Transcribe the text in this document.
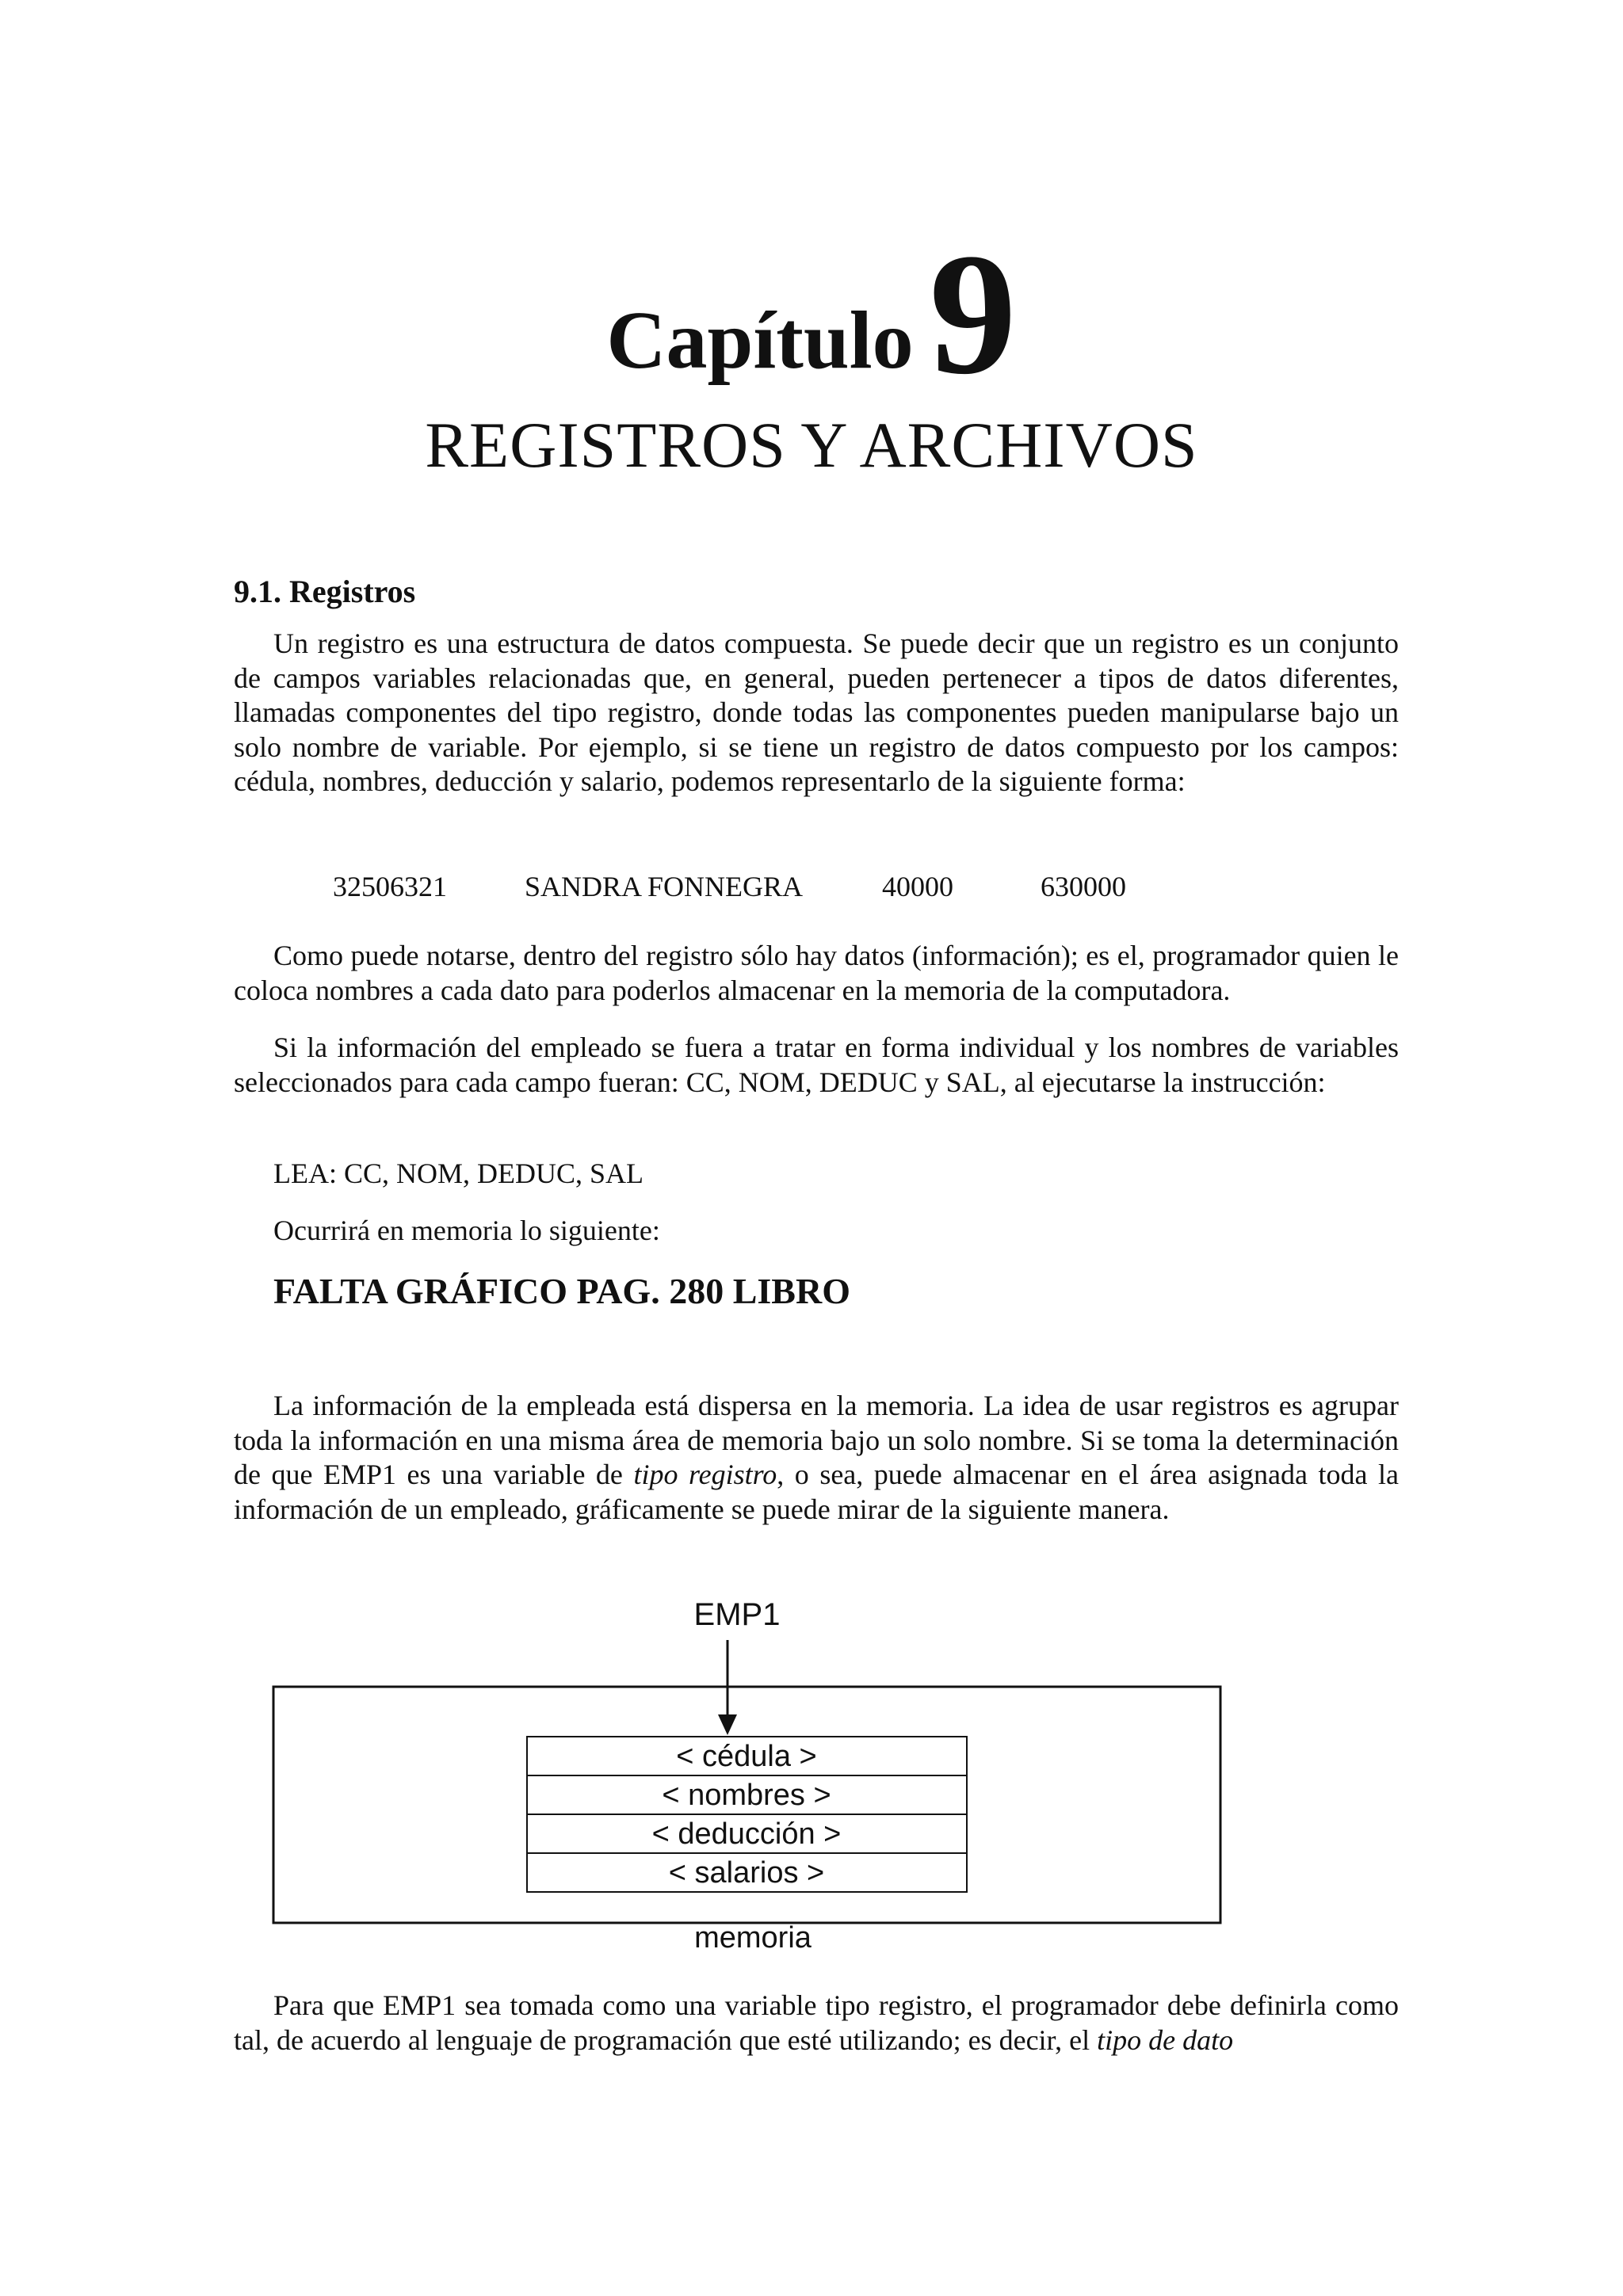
Capítulo9
REGISTROS Y ARCHIVOS
9.1. Registros

Un registro es una estructura de datos compuesta. Se puede decir que un registro es un conjunto de campos variables relacionadas que, en general, pueden pertenecer a tipos de datos diferentes, llamadas componentes del tipo registro, donde todas las componentes pueden manipularse bajo un solo nombre de variable. Por ejemplo, si se tiene un registro de datos compuesto por los campos: cédula, nombres, deducción y salario, podemos representarlo de la siguiente forma:

32506321	SANDRA FONNEGRA	40000	630000

Como puede notarse, dentro del registro sólo hay datos (información); es el, programador quien le coloca nombres a cada dato para poderlos almacenar en la memoria de la computadora.

Si la información del empleado se fuera a tratar en forma individual y los nombres de variables seleccionados para cada campo fueran: CC, NOM, DEDUC y SAL, al ejecutarse la instrucción:

LEA: CC, NOM, DEDUC, SAL
Ocurrirá en memoria lo siguiente:
FALTA GRÁFICO PAG. 280 LIBRO

La información de la empleada está dispersa en la memoria. La idea de usar registros es agrupar toda la información en una misma área de memoria bajo un solo nombre. Si se toma la determinación de que EMP1 es una variable de tipo registro, o sea, puede almacenar en el área asignada toda la información de un empleado, gráficamente se puede mirar de la siguiente manera.

EMP1
< cédula >
< nombres >
< deducción >
< salarios >
memoria

Para que EMP1 sea tomada como una variable tipo registro, el programador debe definirla como tal, de acuerdo al lenguaje de programación que esté utilizando; es decir, el tipo de dato
